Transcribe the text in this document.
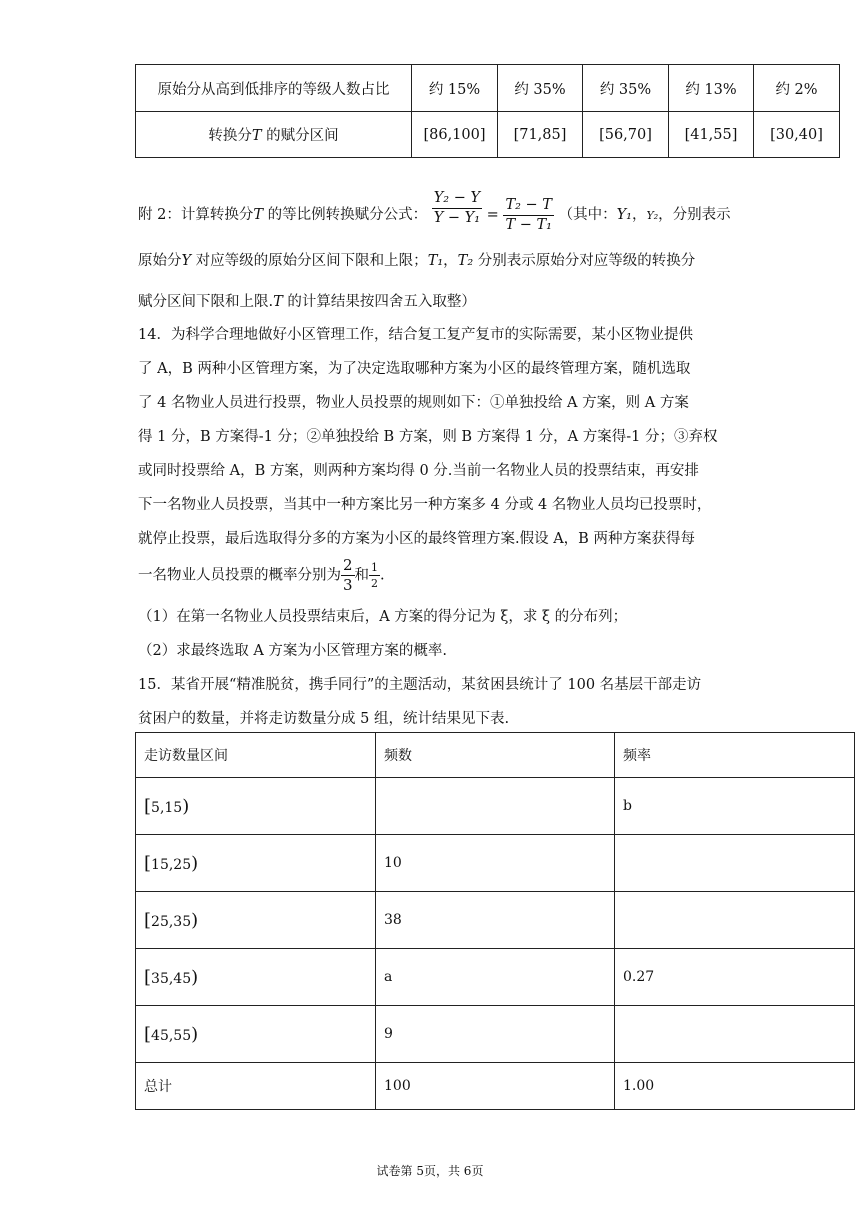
原始分从高到低排序的等级人数占比	约 15%	约 35%	约 35%	约 13%	约 2%
转换分T 的赋分区间	[86,100]	[71,85]	[56,70]	[41,55]	[30,40]
附 2：计算转换分T 的等比例转换赋分公式： $\frac{\text{Y₂ − Y}}{\text{Y − Y₁}} = \frac{\text{T₂ − T}}{\text{T − T₁}}$ （其中：Y₁，Y₂，分别表示
原始分Y 对应等级的原始分区间下限和上限；T₁，T₂ 分别表示原始分对应等级的转换分
赋分区间下限和上限.T 的计算结果按四舍五入取整）
14．为科学合理地做好小区管理工作，结合复工复产复市的实际需要，某小区物业提供
了 A，B 两种小区管理方案，为了决定选取哪种方案为小区的最终管理方案，随机选取
了 4 名物业人员进行投票，物业人员投票的规则如下：①单独投给 A 方案，则 A 方案
得 1 分，B 方案得-1 分；②单独投给 B 方案，则 B 方案得 1 分，A 方案得-1 分；③弃权
或同时投票给 A，B 方案，则两种方案均得 0 分.当前一名物业人员的投票结束，再安排
下一名物业人员投票，当其中一种方案比另一种方案多 4 分或 4 名物业人员均已投票时，
就停止投票，最后选取得分多的方案为小区的最终管理方案.假设 A，B 两种方案获得每
一名物业人员投票的概率分别为 $\frac{2}{3}$ 和 $\frac{1}{2}$ .
（1）在第一名物业人员投票结束后，A 方案的得分记为 ξ，求 ξ 的分布列；
（2）求最终选取 A 方案为小区管理方案的概率.
15．某省开展“精准脱贫，携手同行”的主题活动，某贫困县统计了 100 名基层干部走访
贫困户的数量，并将走访数量分成 5 组，统计结果见下表.
走访数量区间	频数	频率
[5,15)		b
[15,25)	10	
[25,35)	38	
[35,45)	a	0.27
[45,55)	9	
总计	100	1.00
试卷第 5页，共 6页
